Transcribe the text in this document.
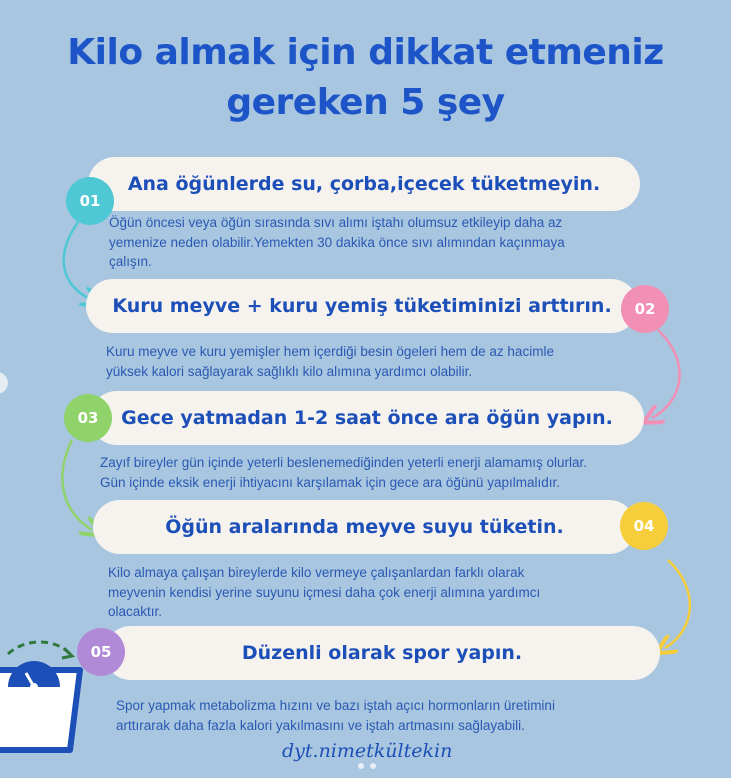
Kilo almak için dikkat etmeniz
gereken 5 şey
Ana öğünlerde su, çorba,içecek tüketmeyin.
01
Öğün öncesi veya öğün sırasında sıvı alımı iştahı olumsuz etkileyip daha az
yemenize neden olabilir.Yemekten 30 dakika önce sıvı alımından kaçınmaya
çalışın.
Kuru meyve + kuru yemiş tüketiminizi arttırın. 02
Kuru meyve ve kuru yemişler hem içerdiği besin ögeleri hem de az hacimle
yüksek kalori sağlayarak sağlıklı kilo alımına yardımcı olabilir.
Gece yatmadan 1-2 saat önce ara öğün yapın.
03
Zayıf bireyler gün içinde yeterli beslenemediğinden yeterli enerji alamamış olurlar.
Gün içinde eksik enerji ihtiyacını karşılamak için gece ara öğünü yapılmalıdır.
Öğün aralarında meyve suyu tüketin.	04
Kilo almaya çalışan bireylerde kilo vermeye çalışanlardan farklı olarak
meyvenin kendisi yerine suyunu içmesi daha çok enerji alımına yardımcı
olacaktır.
Düzenli olarak spor yapın.
05
Spor yapmak metabolizma hızını ve bazı iştah açıcı hormonların üretimini
arttırarak daha fazla kalori yakılmasını ve iştah artmasını sağlayabili.
dyt.nimetkültekin
